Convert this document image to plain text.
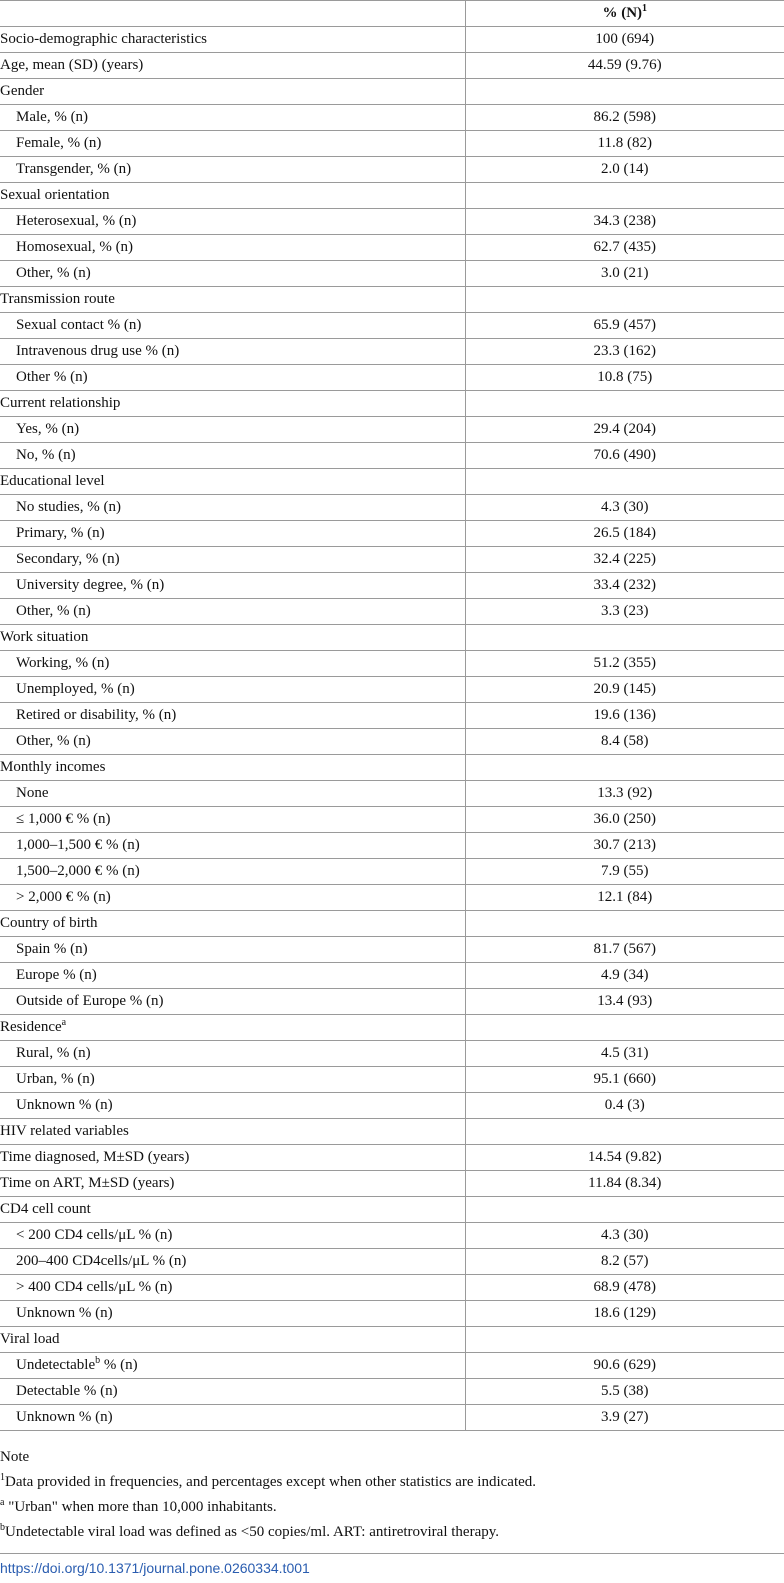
	% $(N)^1$
Socio-demographic characteristics	100 (694)
Age, mean (SD) (years)	44.59 (9.76)
Gender	
Male, % (n)	86.2 (598)
Female, % (n)	11.8 (82)
Transgender, % (n)	2.0 (14)
Sexual orientation	
Heterosexual, % (n)	34.3 (238)
Homosexual, % (n)	62.7 (435)
Other, % (n)	3.0 (21)
Transmission route	
Sexual contact % (n)	65.9 (457)
Intravenous drug use % (n)	23.3 (162)
Other % (n)	10.8 (75)
Current relationship	
Yes, % (n)	29.4 (204)
No, % (n)	70.6 (490)
Educational level	
No studies, % (n)	4.3 (30)
Primary, % (n)	26.5 (184)
Secondary, % (n)	32.4 (225)
University degree, % (n)	33.4 (232)
Other, % (n)	3.3 (23)
Work situation	
Working, % (n)	51.2 (355)
Unemployed, % (n)	20.9 (145)
Retired or disability, % (n)	19.6 (136)
Other, % (n)	8.4 (58)
Monthly incomes	
None	13.3 (92)
≤ 1,000 € % (n)	36.0 (250)
1,000–1,500 € % (n)	30.7 (213)
1,500–2,000 € % (n)	7.9 (55)
> 2,000 € % (n)	12.1 (84)
Country of birth	
Spain % (n)	81.7 (567)
Europe % (n)	4.9 (34)
Outside of Europe % (n)	13.4 (93)
Residence$^a$	
Rural, % (n)	4.5 (31)
Urban, % (n)	95.1 (660)
Unknown % (n)	0.4 (3)
HIV related variables	
Time diagnosed, M±SD (years)	14.54 (9.82)
Time on ART, M±SD (years)	11.84 (8.34)
CD4 cell count	
< 200 CD4 cells/μL % (n)	4.3 (30)
200–400 CD4cells/μL % (n)	8.2 (57)
> 400 CD4 cells/μL % (n)	68.9 (478)
Unknown % (n)	18.6 (129)
Viral load	
Undetectable$^b$ % (n)	90.6 (629)
Detectable % (n)	5.5 (38)
Unknown % (n)	3.9 (27)

Note

$^1$Data provided in frequencies, and percentages except when other statistics are indicated.

$^a$ "Urban" when more than 10,000 inhabitants.

$^b$Undetectable viral load was defined as <50 copies/ml. ART: antiretroviral therapy.

https://doi.org/10.1371/journal.pone.0260334.t001
